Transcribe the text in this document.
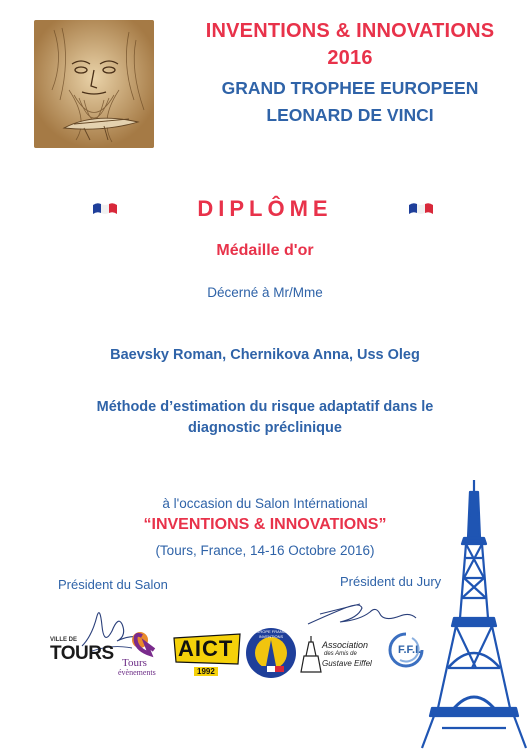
INVENTIONS & INNOVATIONS
2016
GRAND TROPHEE EUROPEEN
LEONARD DE VINCI
DIPLÔME
Médaille d'or
Décerné à Mr/Mme
Baevsky Roman, Chernikova Anna, Uss Oleg
Méthode d’estimation du risque adaptatif dans le
diagnostic préclinique
à l'occasion du Salon Intérnational
“INVENTIONS & INNOVATIONS”
(Tours, France, 14-16 Octobre 2016)
Président du Salon	Président du Jury
VILLE DE
TOURS Tours
évènements
AICT
1992
EUROPE FRANCE INVENTIONS
Association
des Amis de
Gustave Eiffel
F.F.I.
